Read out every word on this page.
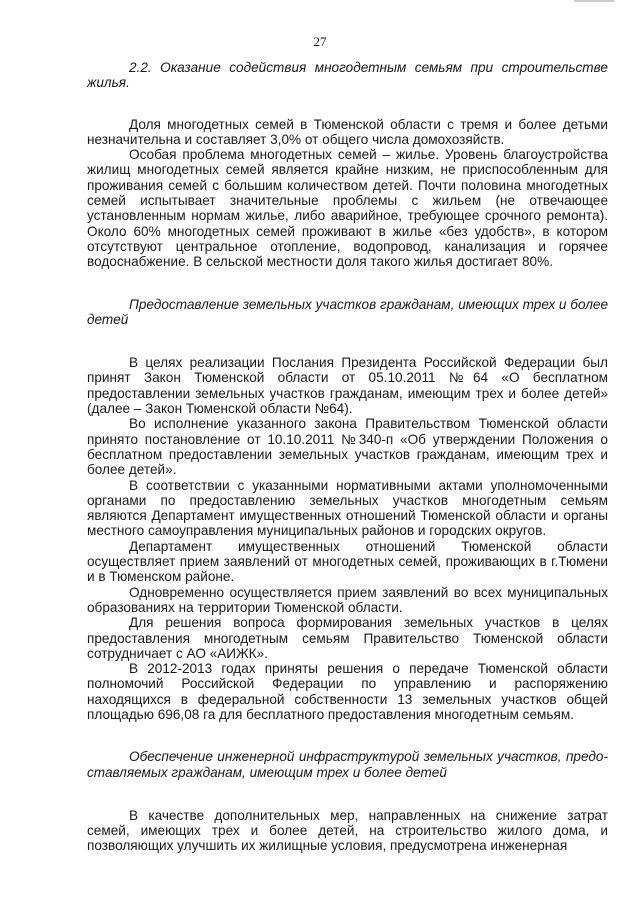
27

2.2. Оказание содействия многодетным семьям при строительстве жилья.

Доля многодетных семей в Тюменской области с тремя и более детьми незначительна и составляет 3,0% от общего числа домохозяйств.

Особая проблема многодетных семей – жилье. Уровень благоустройства жилищ многодетных семей является крайне низким, не приспособленным для проживания семей с большим количеством детей. Почти половина многодетных семей испытывает значительные проблемы с жильем (не отвечающее установленным нормам жилье, либо аварийное, требующее срочного ремонта). Около 60% многодетных семей проживают в жилье «без удобств», в котором отсутствуют центральное отопление, водопровод, канализация и горячее водоснабжение. В сельской местности доля такого жилья достигает 80%.

Предоставление земельных участков гражданам, имеющих трех и более детей

В целях реализации Послания Президента Российской Федерации был принят Закон Тюменской области от 05.10.2011 №64 «О бесплатном предоставлении земельных участков гражданам, имеющим трех и более детей» (далее – Закон Тюменской области №64).

Во исполнение указанного закона Правительством Тюменской области принято постановление от 10.10.2011 №340-п «Об утверждении Положения о бесплатном предоставлении земельных участков гражданам, имеющим трех и более детей».

В соответствии с указанными нормативными актами уполномоченными органами по предоставлению земельных участков многодетным семьям являются Департамент имущественных отношений Тюменской области и органы местного самоуправления муниципальных районов и городских округов.

Департамент имущественных отношений Тюменской области осуществляет прием заявлений от многодетных семей, проживающих в г.Тюмени и в Тюменском районе.

Одновременно осуществляется прием заявлений во всех муниципальных образованиях на территории Тюменской области.

Для решения вопроса формирования земельных участков в целях предоставления многодетным семьям Правительство Тюменской области сотрудничает с АО «АИЖК».

В 2012-2013 годах приняты решения о передаче Тюменской области полномочий Российской Федерации по управлению и распоряжению находящихся в федеральной собственности 13 земельных участков общей площадью 696,08 га для бесплатного предоставления многодетным семьям.

Обеспечение инженерной инфраструктурой земельных участков, предо-ставляемых гражданам, имеющим трех и более детей

В качестве дополнительных мер, направленных на снижение затрат семей, имеющих трех и более детей, на строительство жилого дома, и позволяющих улучшить их жилищные условия, предусмотрена инженерная
